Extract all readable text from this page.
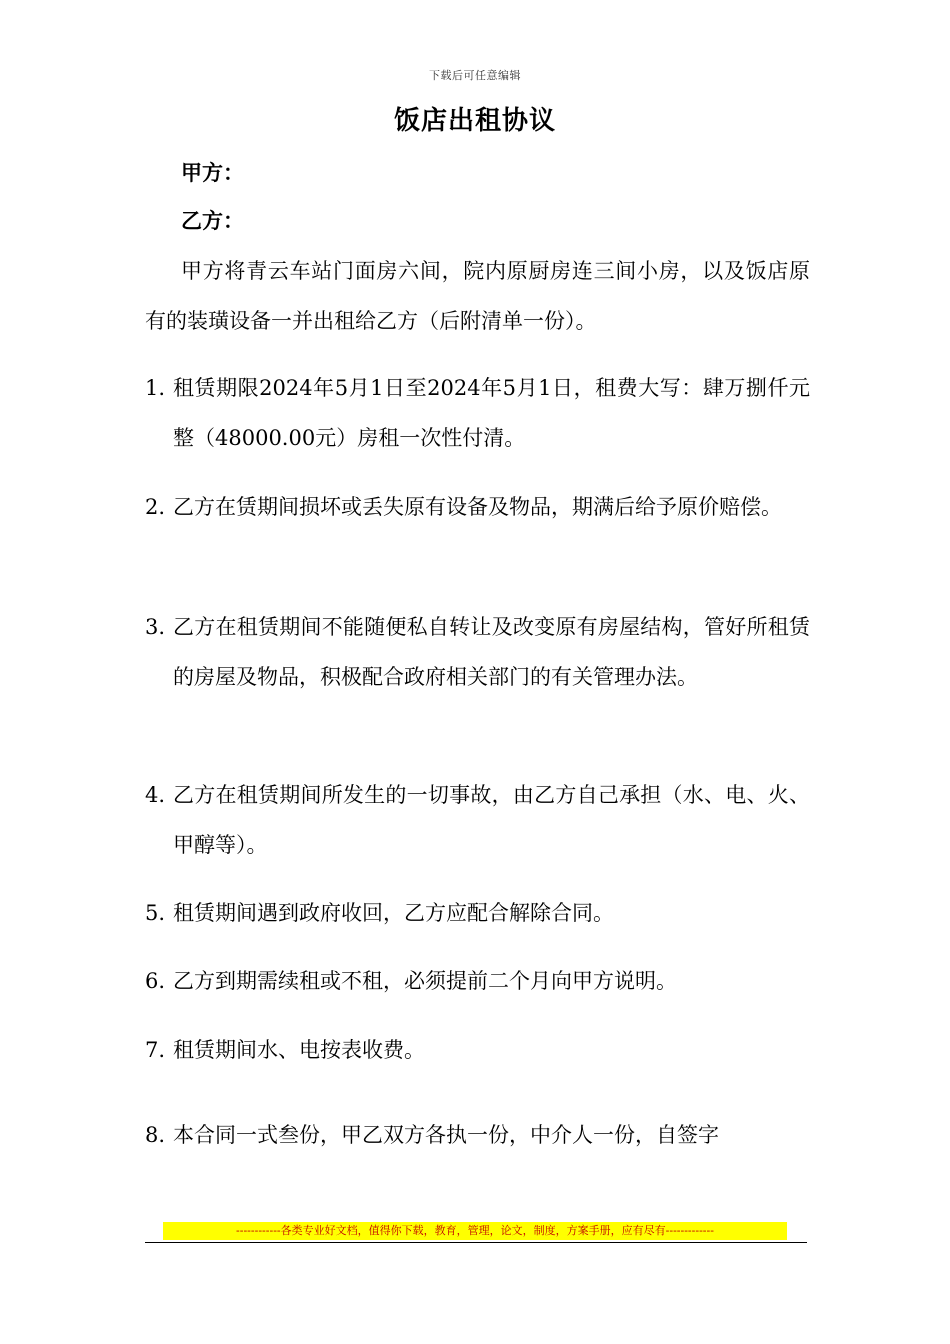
下载后可任意编辑
饭店出租协议
甲方：
乙方：
甲方将青云车站门面房六间，院内原厨房连三间小房，以及饭店原有的装璜设备一并出租给乙方（后附清单一份）。
1. 租赁期限2024年5月1日至2024年5月1日，租费大写：肆万捌仟元整（48000.00元）房租一次性付清。
2. 乙方在赁期间损坏或丢失原有设备及物品，期满后给予原价赔偿。
3. 乙方在租赁期间不能随便私自转让及改变原有房屋结构，管好所租赁的房屋及物品，积极配合政府相关部门的有关管理办法。
4. 乙方在租赁期间所发生的一切事故，由乙方自己承担（水、电、火、甲醇等）。
5. 租赁期间遇到政府收回，乙方应配合解除合同。
6. 乙方到期需续租或不租，必须提前二个月向甲方说明。
7. 租赁期间水、电按表收费。
8. 本合同一式叁份，甲乙双方各执一份，中介人一份，自签字
------------各类专业好文档，值得你下载，教育，管理，论文，制度，方案手册，应有尽有-------------
